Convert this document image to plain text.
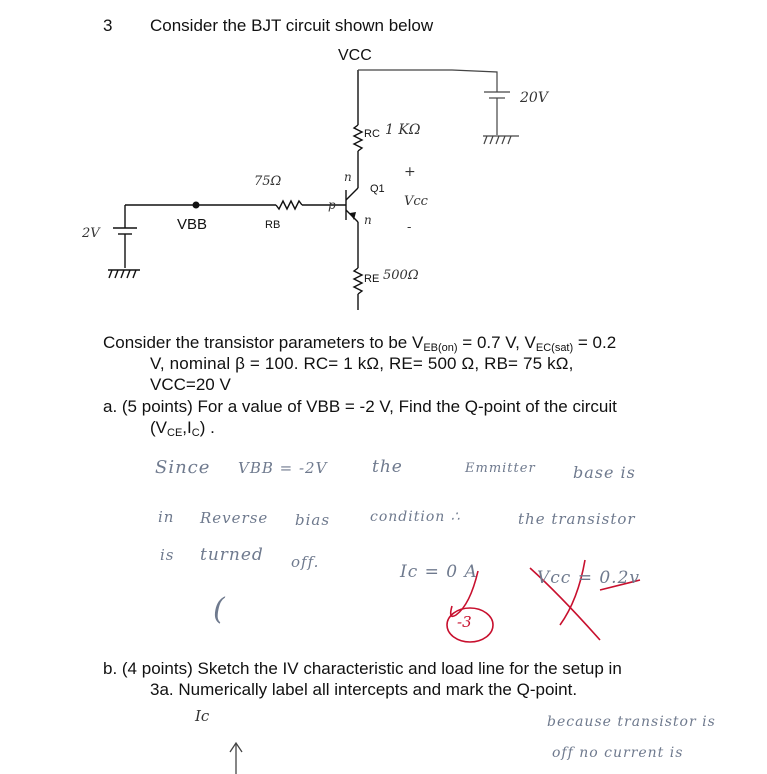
3 Consider the BJT circuit shown below
VCC
RC 1 KΩ
Q1
RB
75Ω
VBB
RE 500Ω
20V
2V
+
Vcc
-
n
p
n
Consider the transistor parameters to be $V_{EB(on)} = 0.7$ V, $V_{EC(sat)} = 0.2$
V, nominal β = 100. RC= 1 kΩ, RE= 500 Ω, RB= 75 kΩ,
VCC=20 V
a. (5 points) For a value of VBB = -2 V, Find the Q-point of the circuit
$(V_{CE},I_C)$ .
Since VBB = -2V	the	Emmitter base is
in Reverse bias	condition ∴	the transistor
is turned off.	Ic = 0 A	Vcc = 0.2v
(	-3
b. (4 points) Sketch the IV characteristic and load line for the setup in
3a. Numerically label all intercepts and mark the Q-point.
Ic	because transistor is
off no current is
